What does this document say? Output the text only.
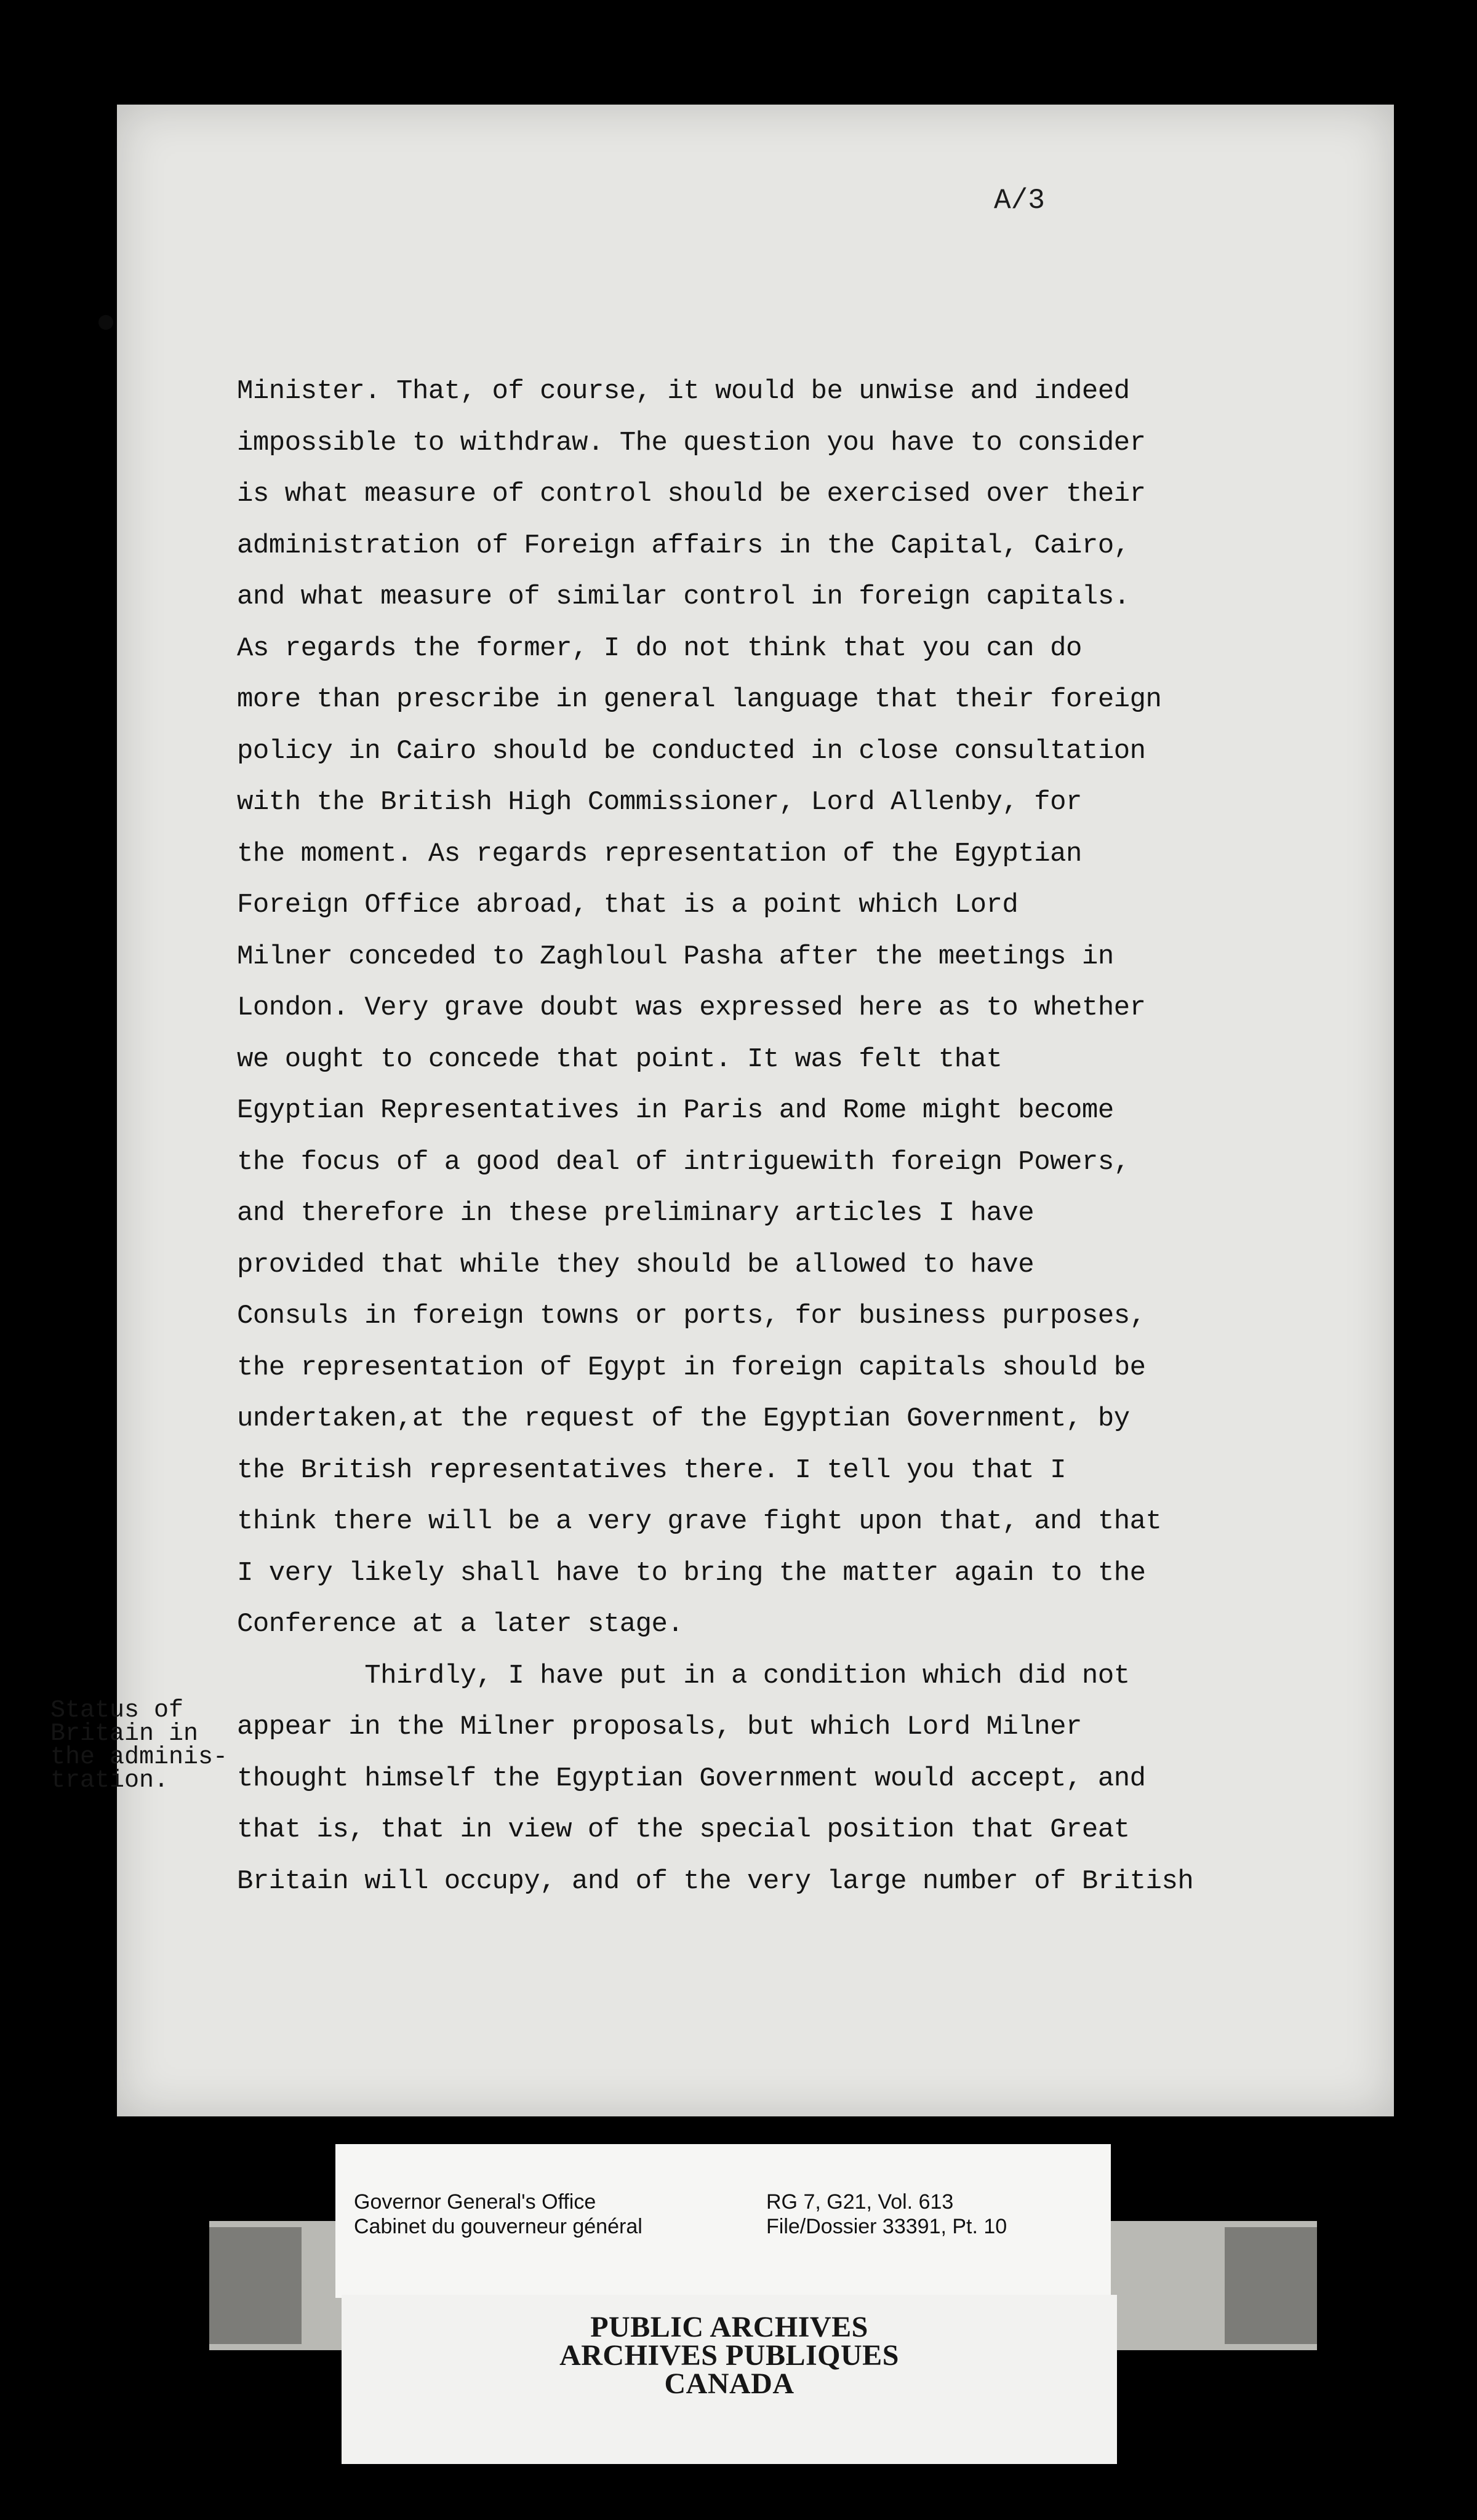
A/3
Minister. That, of course, it would be unwise and indeed
impossible to withdraw. The question you have to consider
is what measure of control should be exercised over their
administration of Foreign affairs in the Capital, Cairo,
and what measure of similar control in foreign capitals.
As regards the former, I do not think that you can do
more than prescribe in general language that their foreign
policy in Cairo should be conducted in close consultation
with the British High Commissioner, Lord Allenby, for
the moment. As regards representation of the Egyptian
Foreign Office abroad, that is a point which Lord
Milner conceded to Zaghloul Pasha after the meetings in
London. Very grave doubt was expressed here as to whether
we ought to concede that point. It was felt that
Egyptian Representatives in Paris and Rome might become
the focus of a good deal of intriguewith foreign Powers,
and therefore in these preliminary articles I have
provided that while they should be allowed to have
Consuls in foreign towns or ports, for business purposes,
the representation of Egypt in foreign capitals should be
undertaken,at the request of the Egyptian Government, by
the British representatives there. I tell you that I
think there will be a very grave fight upon that, and that
I very likely shall have to bring the matter again to the
Conference at a later stage.
Thirdly, I have put in a condition which did not
appear in the Milner proposals, but which Lord Milner
thought himself the Egyptian Government would accept, and
that is, that in view of the special position that Great
Britain will occupy, and of the very large number of British
Status of
Britain in
the adminis-
tration.
Governor General's Office
Cabinet du gouverneur général
RG 7, G21, Vol. 613
File/Dossier 33391, Pt. 10
PUBLIC ARCHIVES
ARCHIVES PUBLIQUES
CANADA
